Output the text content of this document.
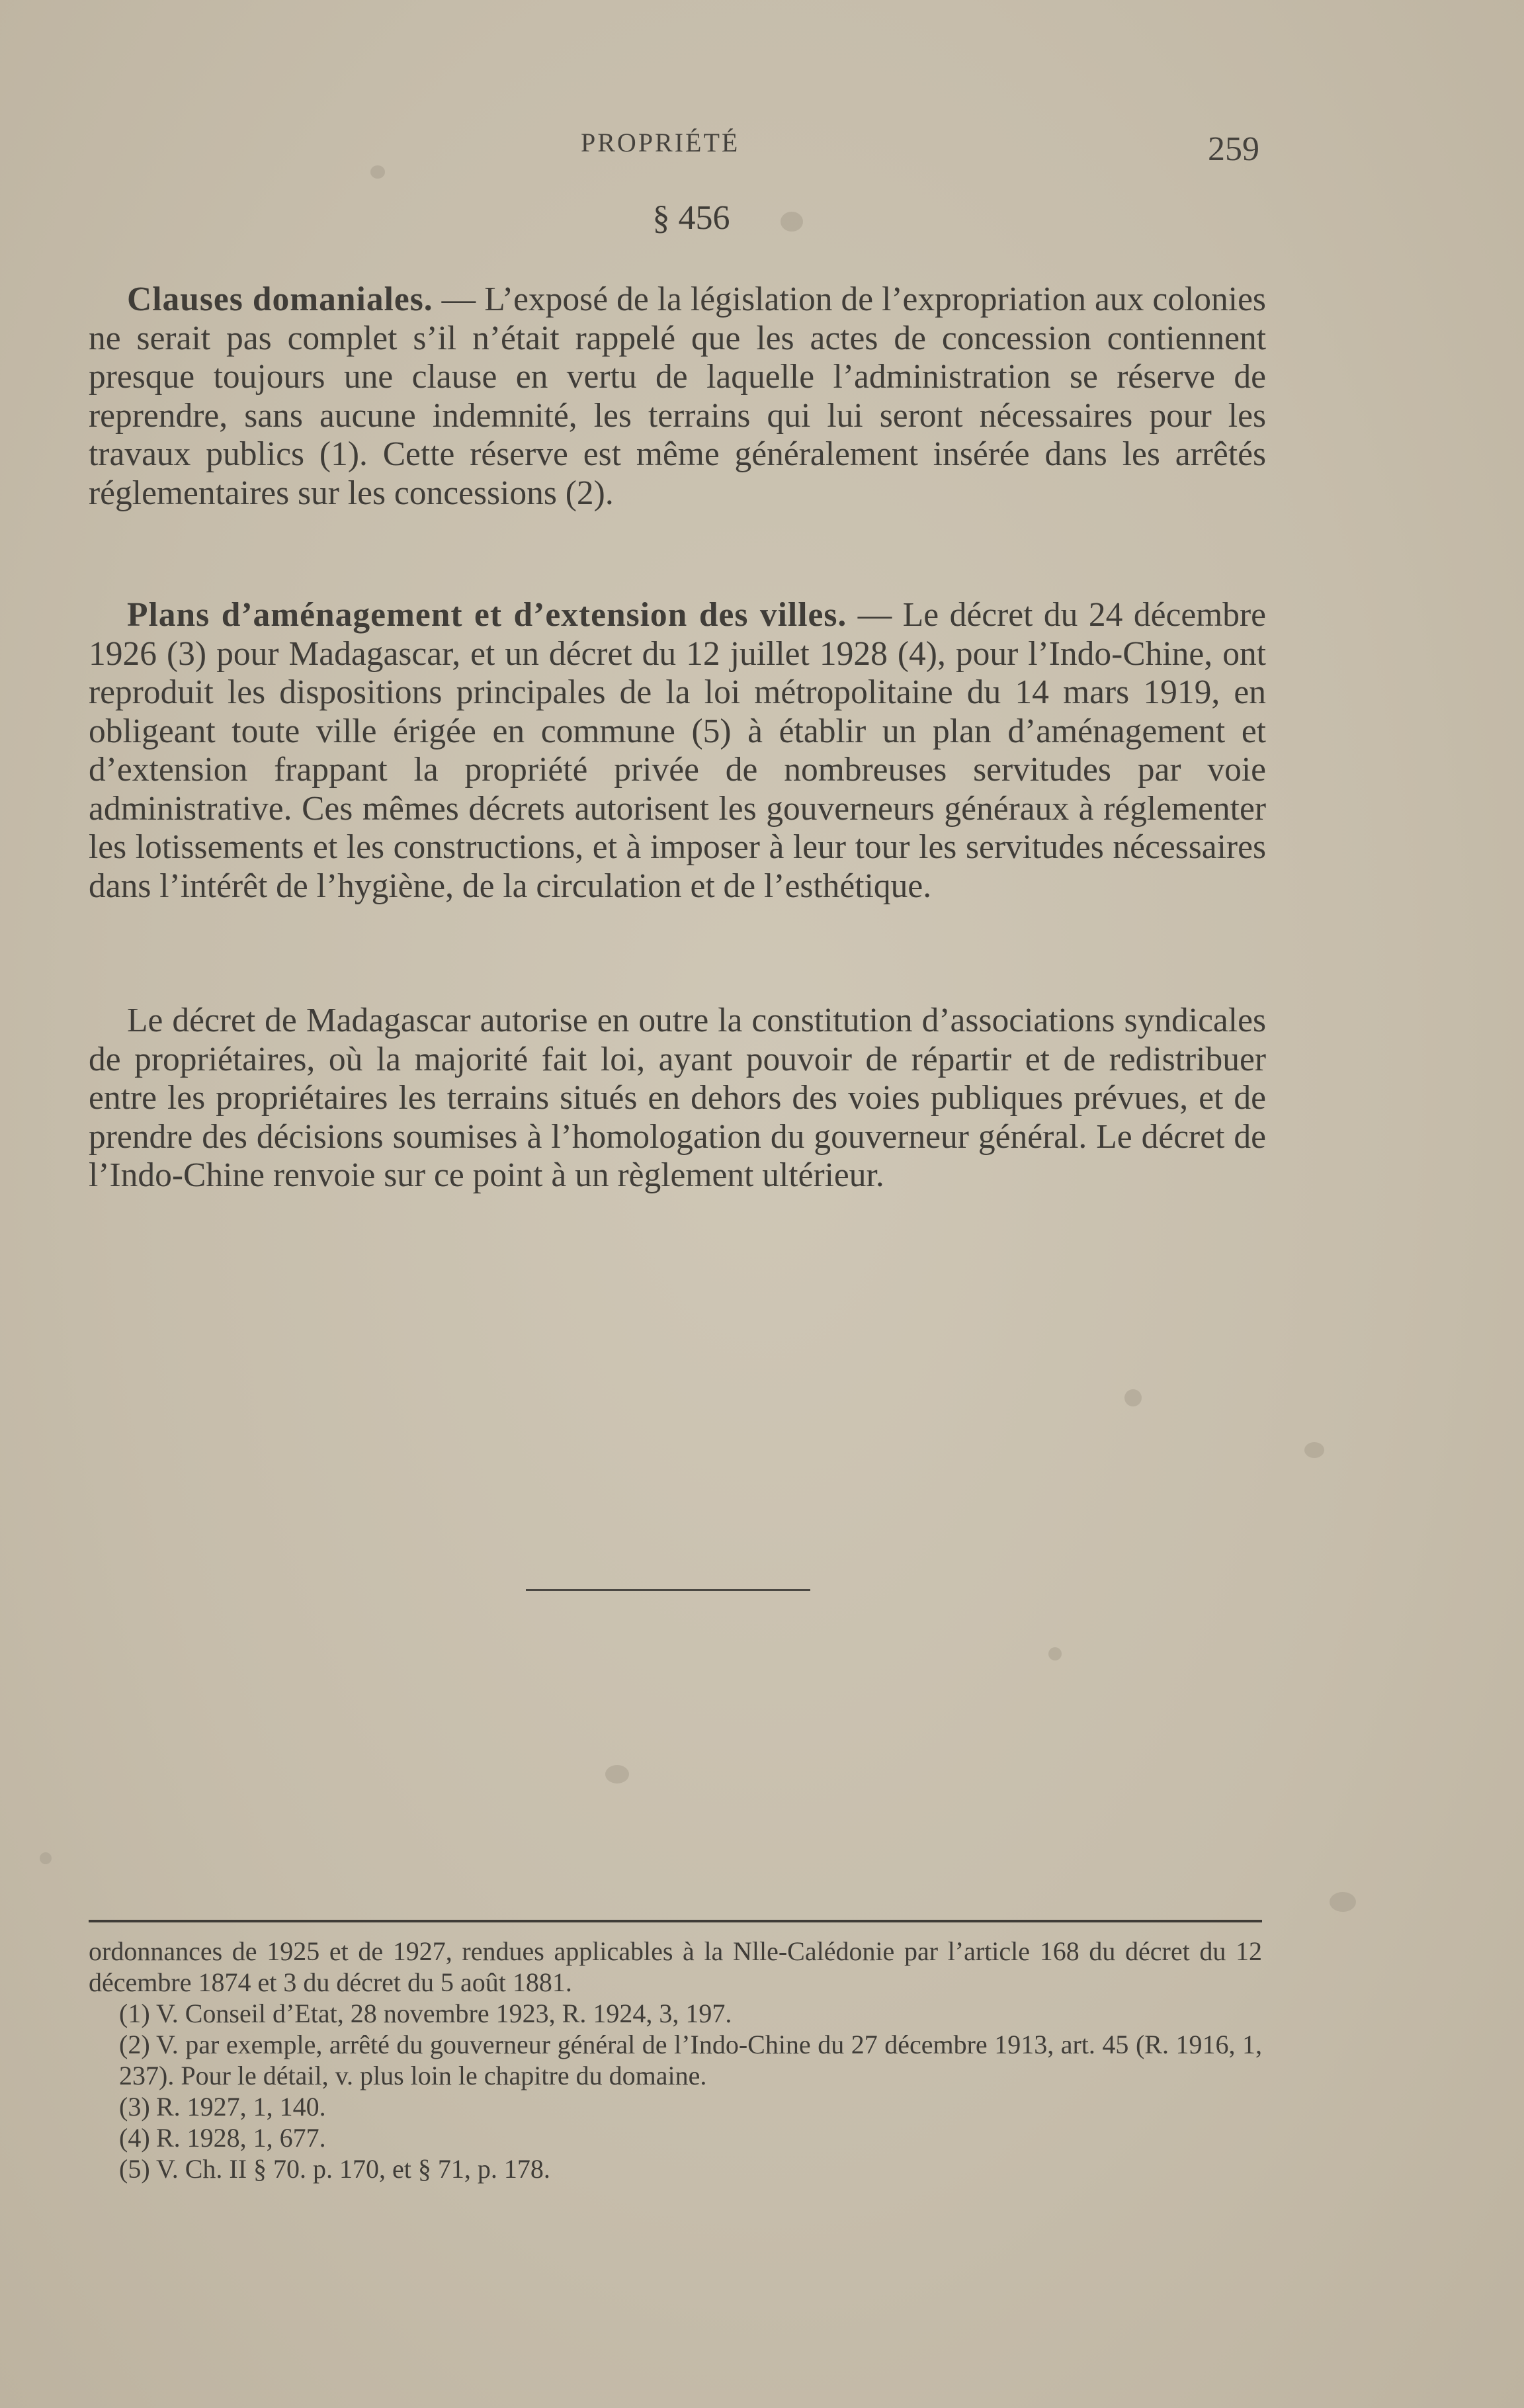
PROPRIÉTÉ	259
§ 456

Clauses domaniales. — L’exposé de la législation de l’expropriation aux colonies ne serait pas complet s’il n’était rappelé que les actes de concession contiennent presque toujours une clause en vertu de laquelle l’administration se réserve de reprendre, sans aucune indemnité, les terrains qui lui seront nécessaires pour les travaux publics (1). Cette réserve est même généralement insérée dans les arrêtés réglementaires sur les concessions (2).

Plans d’aménagement et d’extension des villes. — Le décret du 24 décembre 1926 (3) pour Madagascar, et un décret du 12 juillet 1928 (4), pour l’Indo-Chine, ont reproduit les dispositions principales de la loi métropolitaine du 14 mars 1919, en obligeant toute ville érigée en commune (5) à établir un plan d’aménagement et d’extension frappant la propriété privée de nombreuses servitudes par voie administrative. Ces mêmes décrets autorisent les gouverneurs généraux à réglementer les lotissements et les constructions, et à imposer à leur tour les servitudes nécessaires dans l’intérêt de l’hygiène, de la circulation et de l’esthétique.

Le décret de Madagascar autorise en outre la constitution d’associations syndicales de propriétaires, où la majorité fait loi, ayant pouvoir de répartir et de redistribuer entre les propriétaires les terrains situés en dehors des voies publiques prévues, et de prendre des décisions soumises à l’homologation du gouverneur général. Le décret de l’Indo-Chine renvoie sur ce point à un règlement ultérieur.

ordonnances de 1925 et de 1927, rendues applicables à la Nlle-Calédonie par l’article 168 du décret du 12 décembre 1874 et 3 du décret du 5 août 1881.

(1) V. Conseil d’Etat, 28 novembre 1923, R. 1924, 3, 197.

(2) V. par exemple, arrêté du gouverneur général de l’Indo-Chine du 27 décembre 1913, art. 45 (R. 1916, 1, 237). Pour le détail, v. plus loin le chapitre du domaine.

(3) R. 1927, 1, 140.

(4) R. 1928, 1, 677.

(5) V. Ch. II § 70. p. 170, et § 71, p. 178.
